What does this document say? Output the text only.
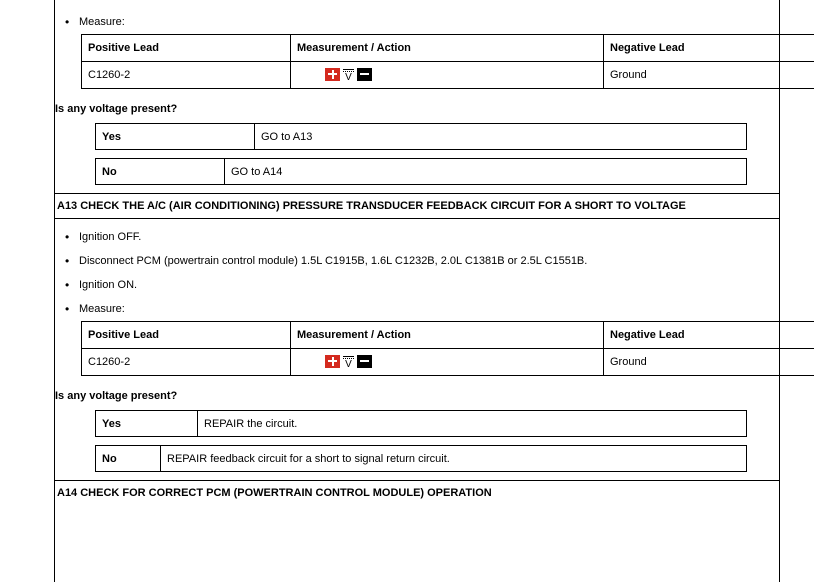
• Measure:
Positive Lead	Measurement / Action	Negative Lead
C1260-2	V	Ground
Is any voltage present?
Yes	GO to A13
No	GO to A14
A13 CHECK THE A/C (AIR CONDITIONING) PRESSURE TRANSDUCER FEEDBACK CIRCUIT FOR A SHORT TO VOLTAGE
• Ignition OFF.
• Disconnect PCM (powertrain control module) 1.5L C1915B, 1.6L C1232B, 2.0L C1381B or 2.5L C1551B.
• Ignition ON.
• Measure:
Positive Lead	Measurement / Action	Negative Lead
C1260-2	V	Ground
Is any voltage present?
Yes	REPAIR the circuit.
No	REPAIR feedback circuit for a short to signal return circuit.
A14 CHECK FOR CORRECT PCM (POWERTRAIN CONTROL MODULE) OPERATION
